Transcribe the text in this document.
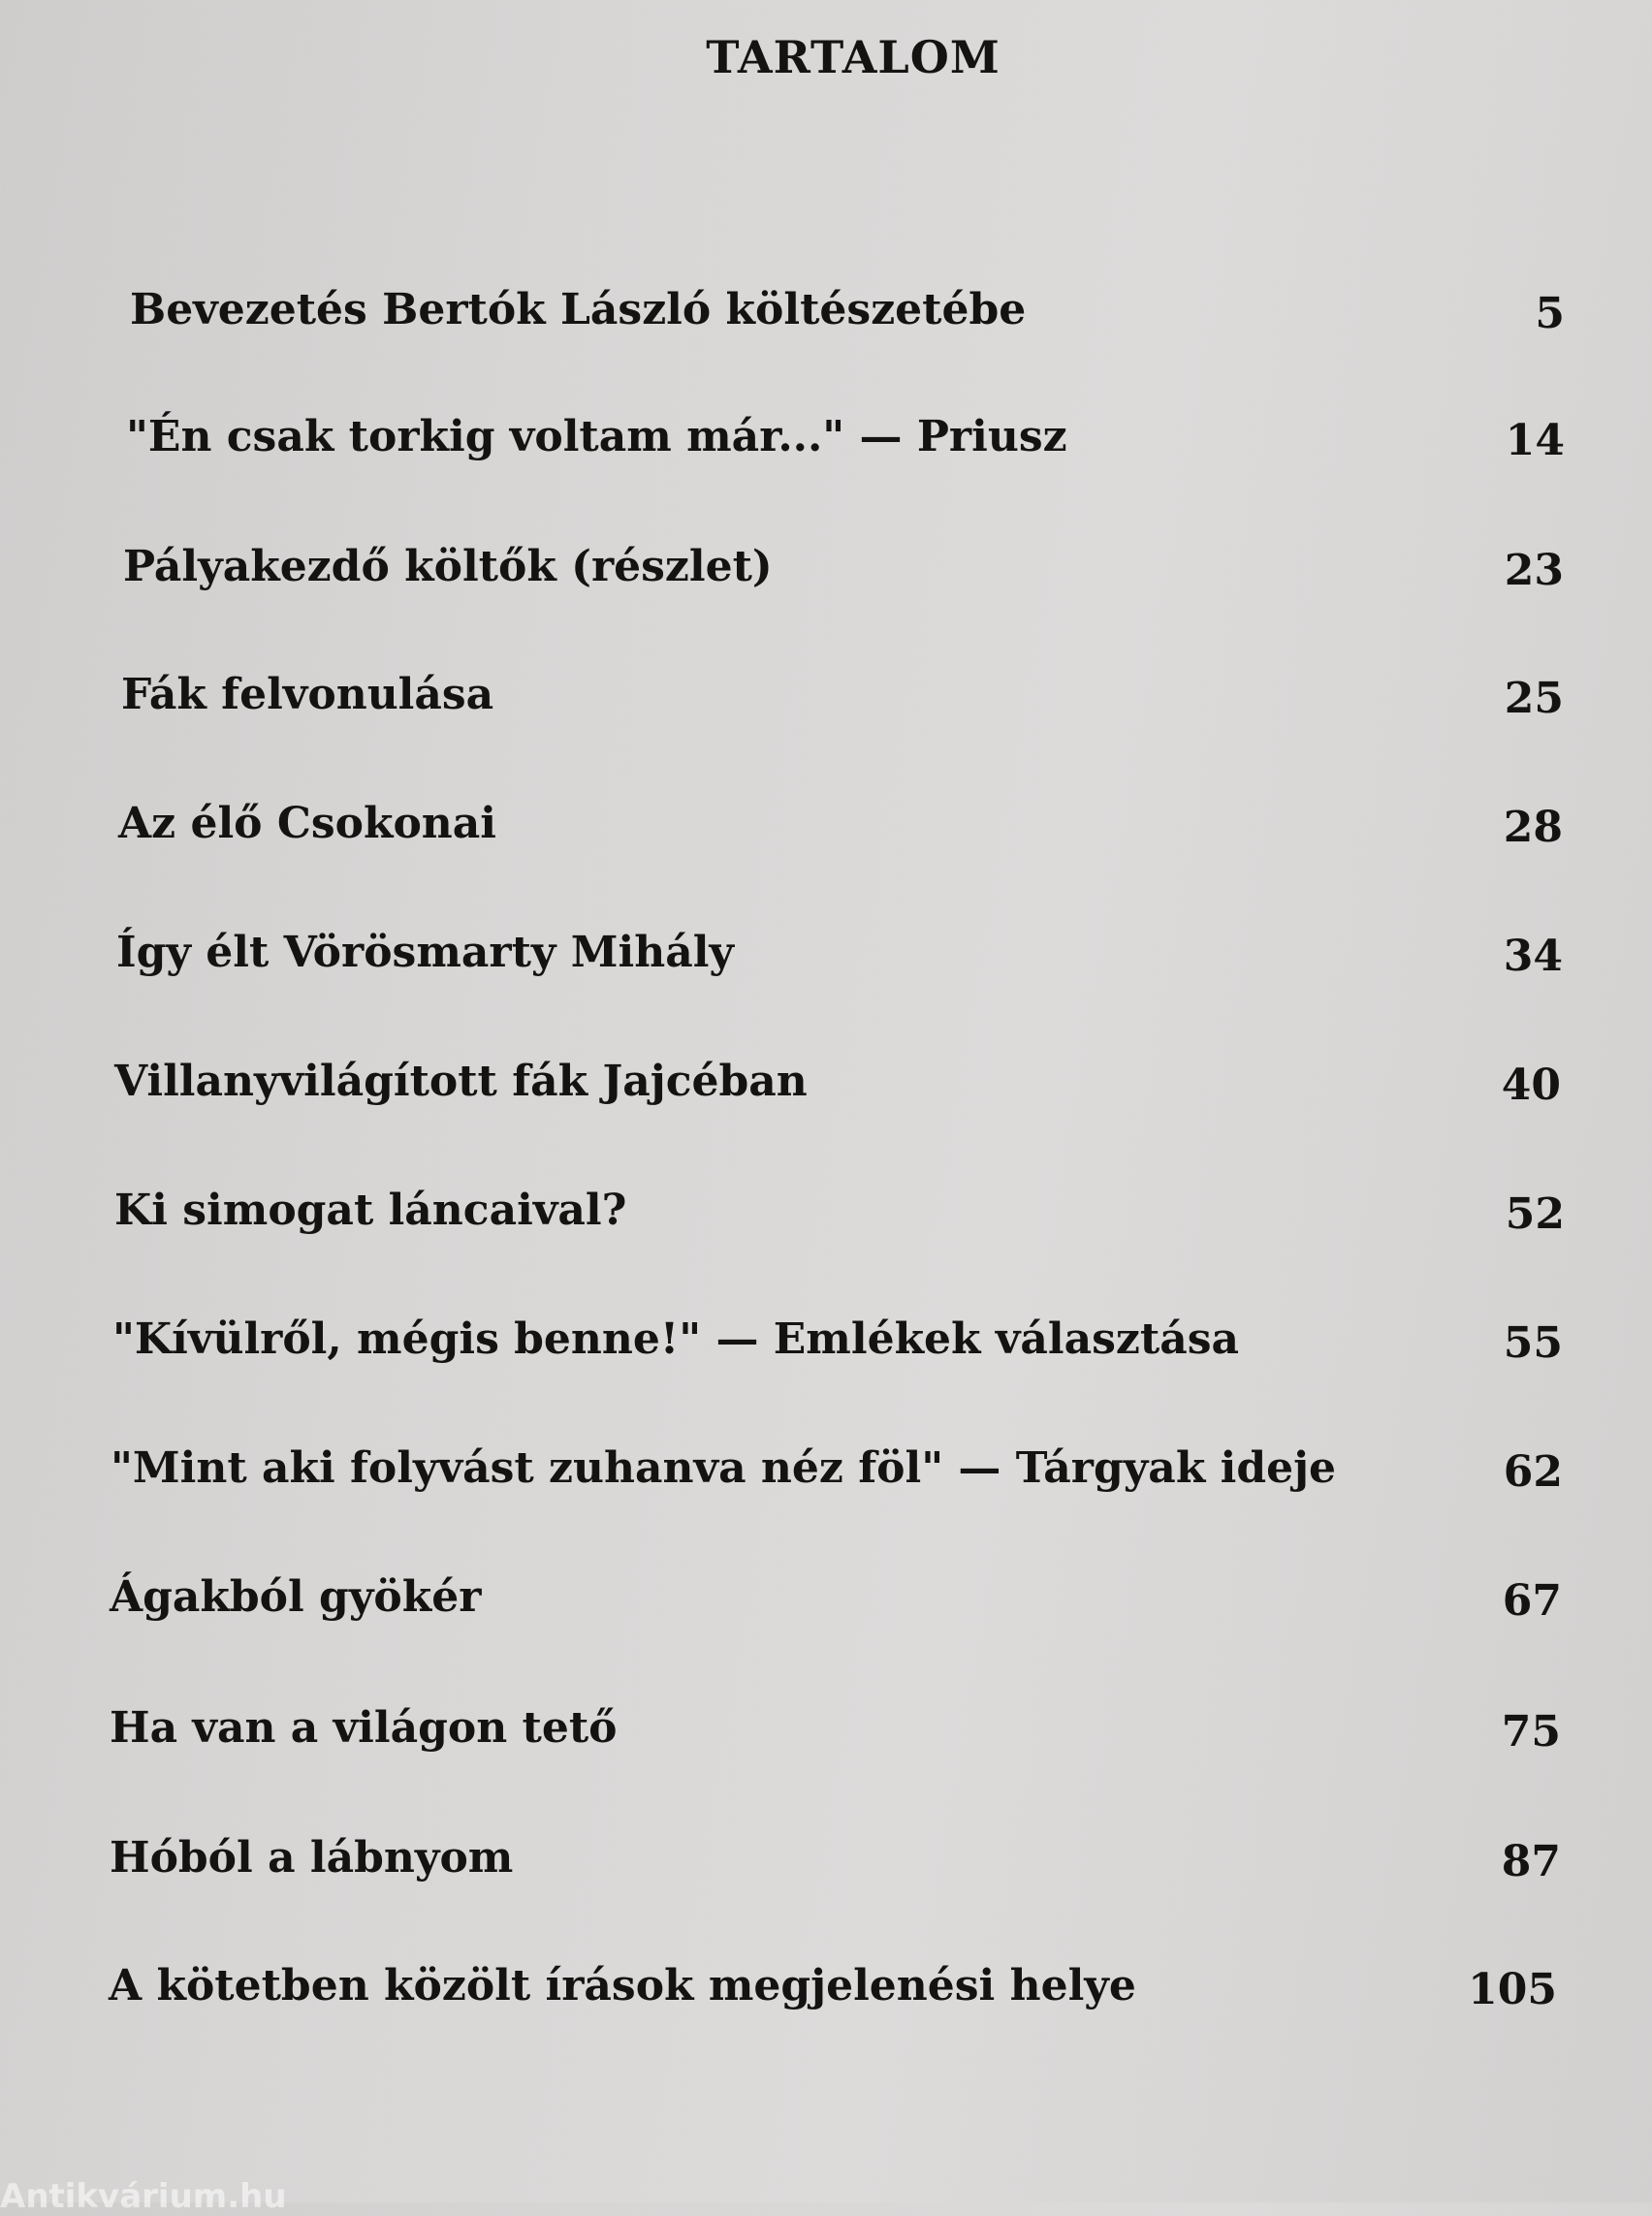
TARTALOM
Bevezetés Bertók László költészetébe	5
"Én csak torkig voltam már..." — Priusz	14
Pályakezdő költők (részlet)	23
Fák felvonulása	25
Az élő Csokonai	28
Így élt Vörösmarty Mihály	34
Villanyvilágított fák Jajcéban	40
Ki simogat láncaival?	52
"Kívülről, mégis benne!" — Emlékek választása	55
"Mint aki folyvást zuhanva néz föl" — Tárgyak ideje	62
Ágakból gyökér	67
Ha van a világon tető	75
Hóból a lábnyom	87
A kötetben közölt írások megjelenési helye	105
Antikvárium.hu
